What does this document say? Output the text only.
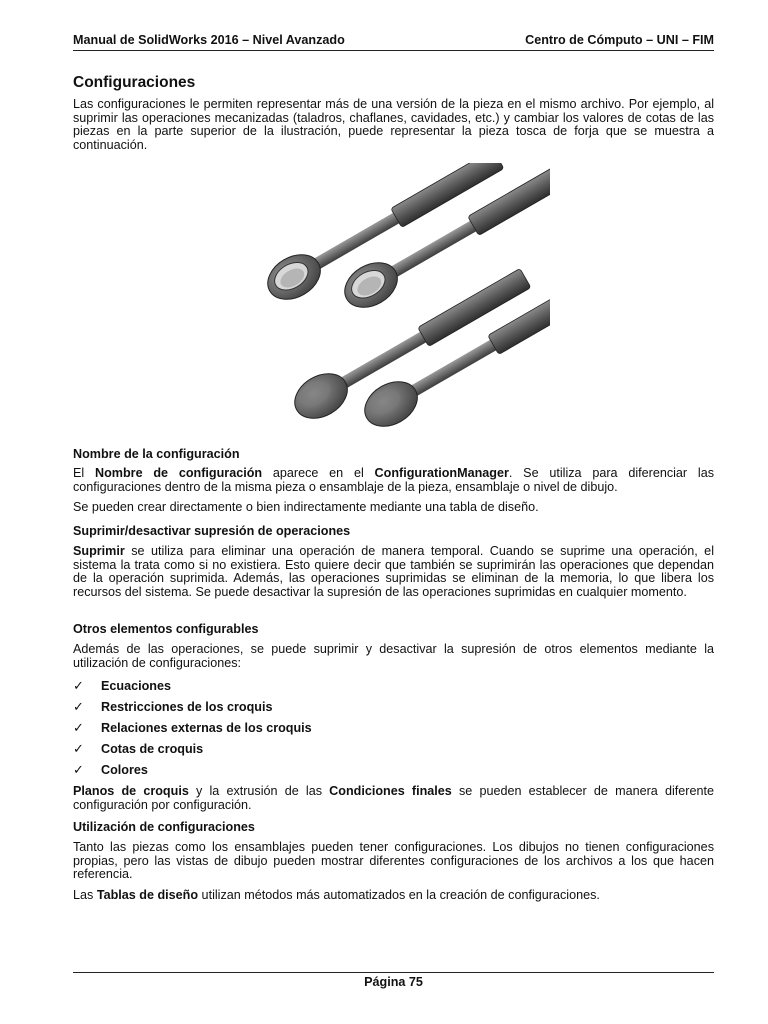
Manual de SolidWorks 2016 – Nivel Avanzado	Centro de Cómputo – UNI – FIM
Configuraciones

Las configuraciones le permiten representar más de una versión de la pieza en el mismo archivo. Por ejemplo, al suprimir las operaciones mecanizadas (taladros, chaflanes, cavidades, etc.) y cambiar los valores de cotas de las piezas en la parte superior de la ilustración, puede representar la pieza tosca de forja que se muestra a continuación.

Nombre de la configuración

El Nombre de configuración aparece en el ConfigurationManager. Se utiliza para diferenciar las configuraciones dentro de la misma pieza o ensamblaje de la pieza, ensamblaje o nivel de dibujo.

Se pueden crear directamente o bien indirectamente mediante una tabla de diseño.

Suprimir/desactivar supresión de operaciones

Suprimir se utiliza para eliminar una operación de manera temporal. Cuando se suprime una operación, el sistema la trata como si no existiera. Esto quiere decir que también se suprimirán las operaciones que dependan de la operación suprimida. Además, las operaciones suprimidas se eliminan de la memoria, lo que libera los recursos del sistema. Se puede desactivar la supresión de las operaciones suprimidas en cualquier momento.

Otros elementos configurables

Además de las operaciones, se puede suprimir y desactivar la supresión de otros elementos mediante la utilización de configuraciones:

✓ Ecuaciones
✓ Restricciones de los croquis
✓ Relaciones externas de los croquis
✓ Cotas de croquis
✓ Colores

Planos de croquis y la extrusión de las Condiciones finales se pueden establecer de manera diferente configuración por configuración.

Utilización de configuraciones

Tanto las piezas como los ensamblajes pueden tener configuraciones. Los dibujos no tienen configuraciones propias, pero las vistas de dibujo pueden mostrar diferentes configuraciones de los archivos a los que hacen referencia.

Las Tablas de diseño utilizan métodos más automatizados en la creación de configuraciones.

Página 75
